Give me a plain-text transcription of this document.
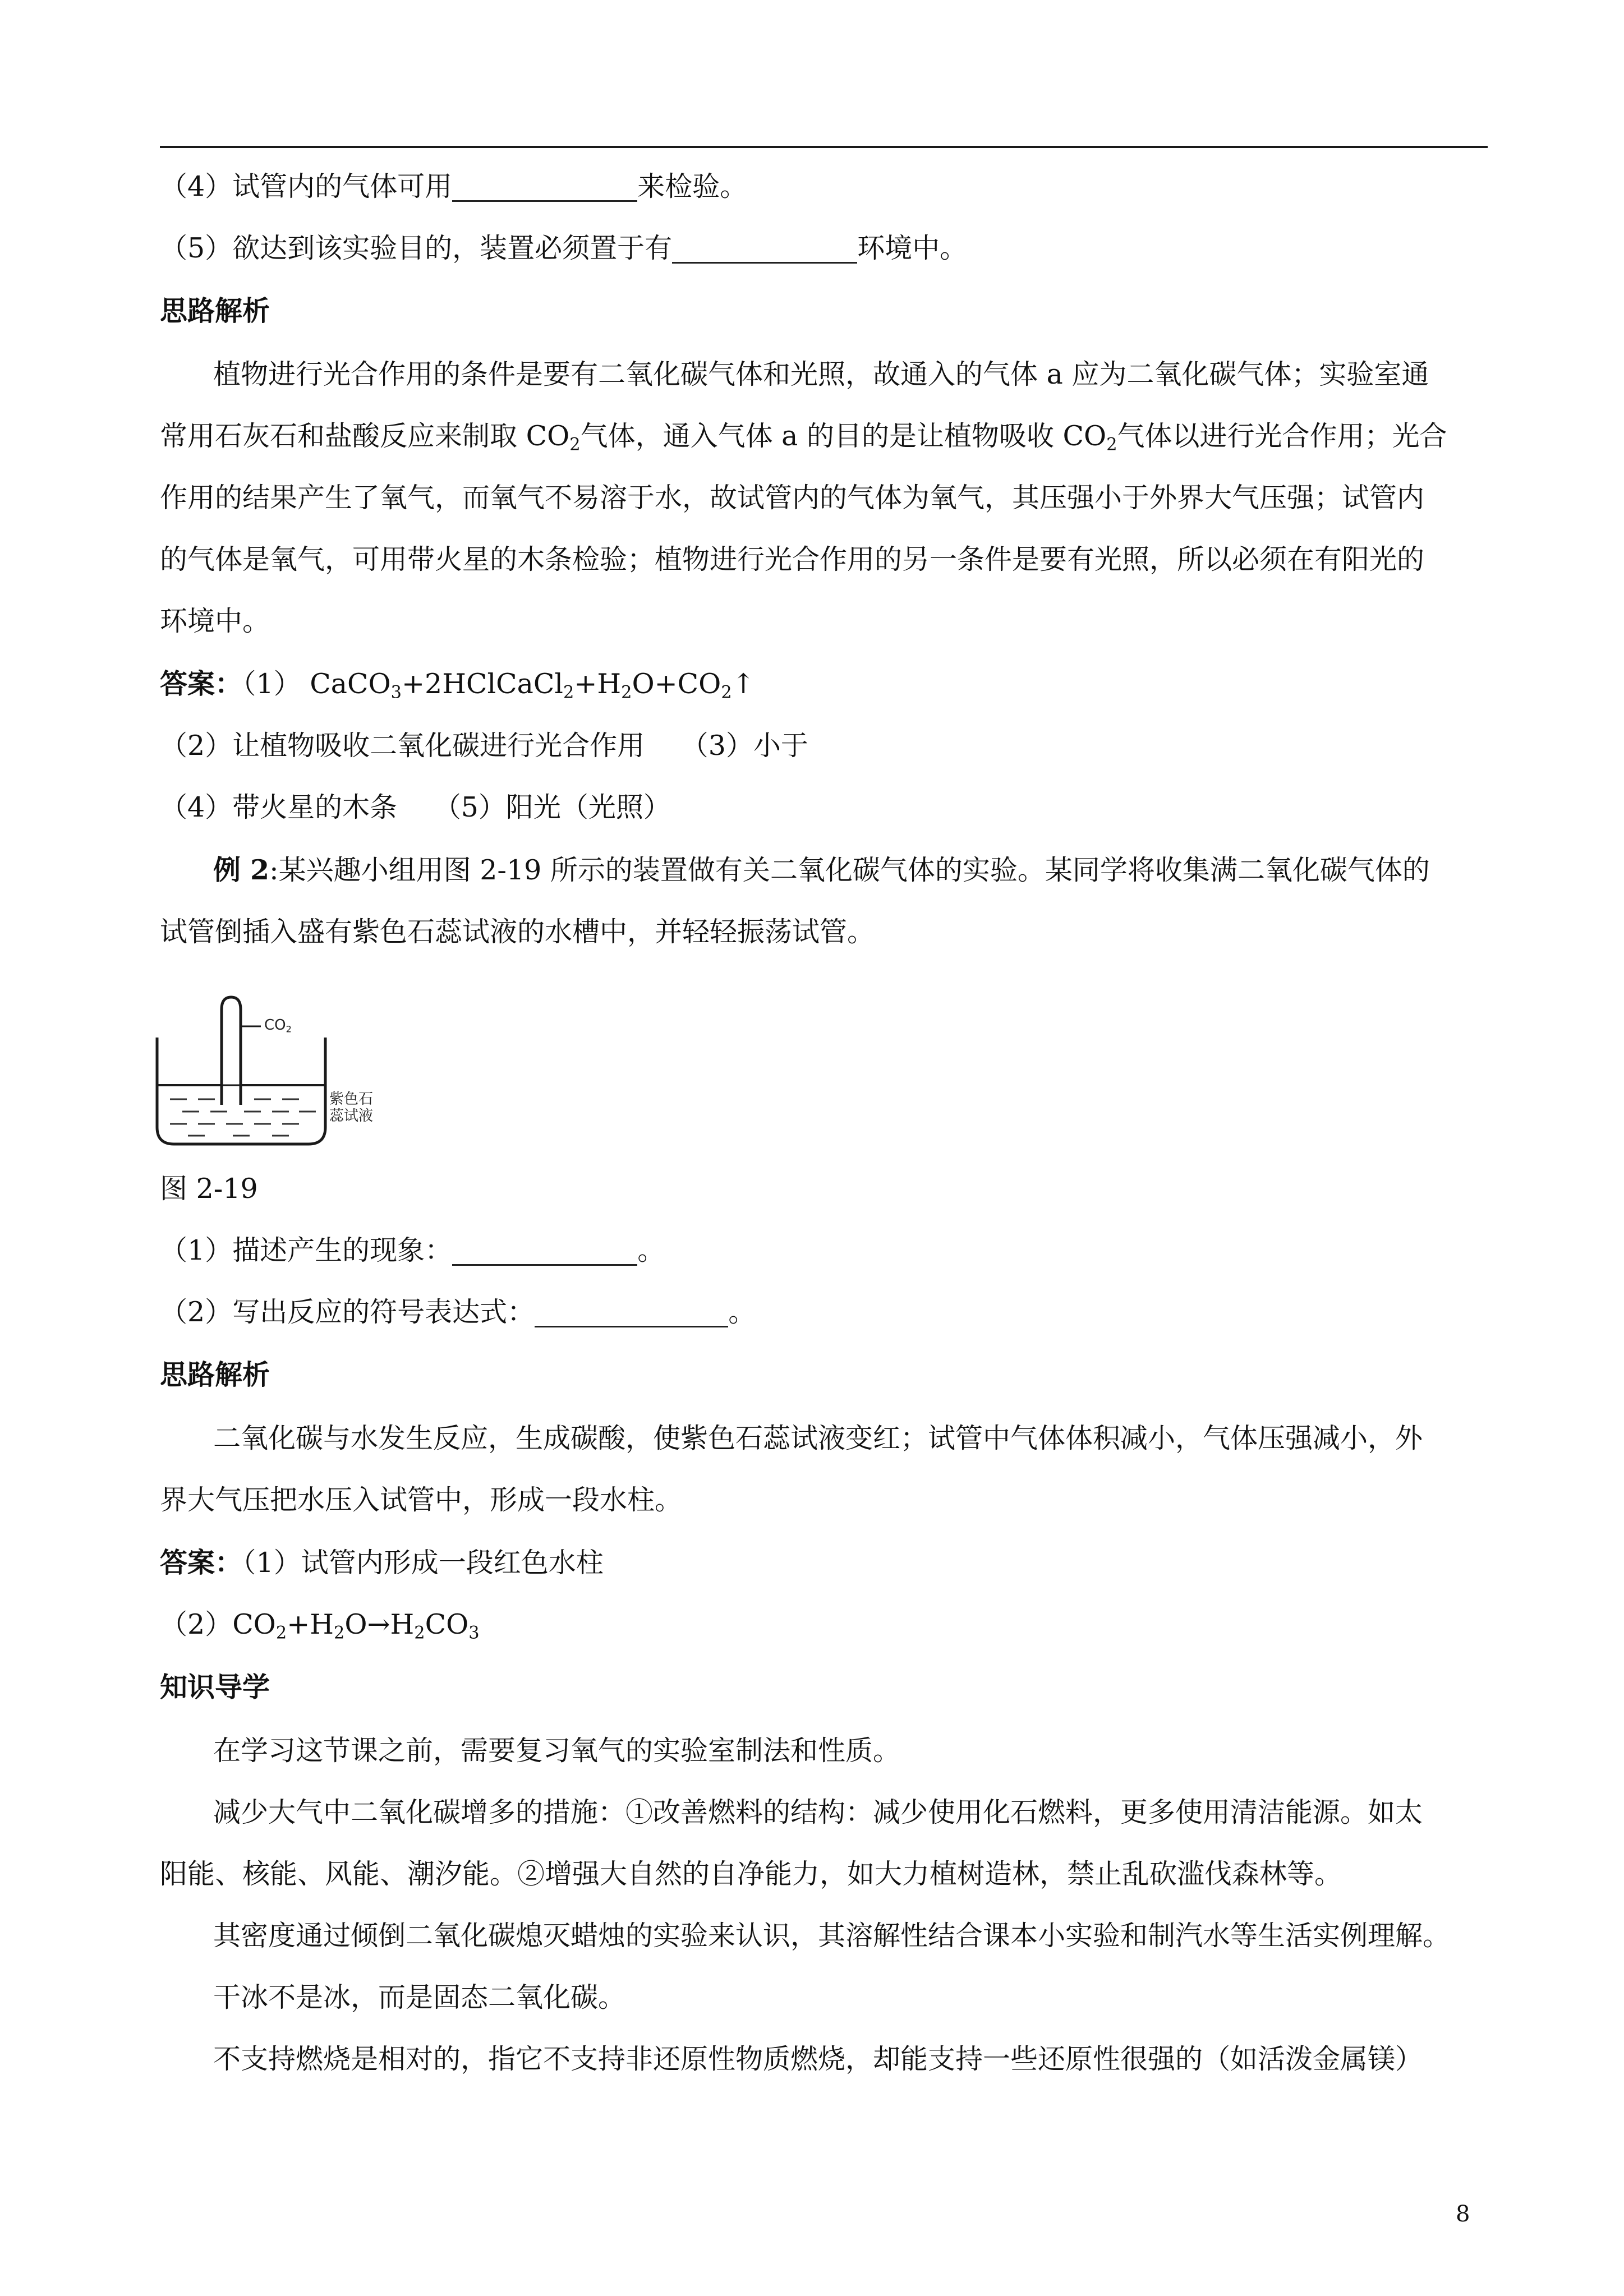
（4）试管内的气体可用	来检验。
（5）欲达到该实验目的，装置必须置于有	环境中。
思路解析
植物进行光合作用的条件是要有二氧化碳气体和光照，故通入的气体 a 应为二氧化碳气体；实验室通
常用石灰石和盐酸反应来制取 $CO_2$气体，通入气体 a 的目的是让植物吸收 $CO_2$气体以进行光合作用；光合
作用的结果产生了氧气，而氧气不易溶于水，故试管内的气体为氧气，其压强小于外界大气压强；试管内
的气体是氧气，可用带火星的木条检验；植物进行光合作用的另一条件是要有光照，所以必须在有阳光的
环境中。
答案：（1） $CaCO_3+2HClCaCl_2+H_2O+CO_2↑$
（2）让植物吸收二氧化碳进行光合作用　 （3）小于
（4）带火星的木条　 （5）阳光（光照）
例 2:某兴趣小组用图 2-19 所示的装置做有关二氧化碳气体的实验。某同学将收集满二氧化碳气体的
试管倒插入盛有紫色石蕊试液的水槽中，并轻轻振荡试管。
$CO_2$
紫色石
蕊试液
图 2-19
（1）描述产生的现象：	。
（2）写出反应的符号表达式：	。
思路解析
二氧化碳与水发生反应，生成碳酸，使紫色石蕊试液变红；试管中气体体积减小，气体压强减小，外
界大气压把水压入试管中，形成一段水柱。
答案：（1）试管内形成一段红色水柱
$(2)CO_2+H_2O\to H_2CO_3$
知识导学
在学习这节课之前，需要复习氧气的实验室制法和性质。
减少大气中二氧化碳增多的措施：①改善燃料的结构：减少使用化石燃料，更多使用清洁能源。如太
阳能、核能、风能、潮汐能。②增强大自然的自净能力，如大力植树造林，禁止乱砍滥伐森林等。
其密度通过倾倒二氧化碳熄灭蜡烛的实验来认识，其溶解性结合课本小实验和制汽水等生活实例理解。
干冰不是冰，而是固态二氧化碳。
不支持燃烧是相对的，指它不支持非还原性物质燃烧，却能支持一些还原性很强的（如活泼金属镁）
8
